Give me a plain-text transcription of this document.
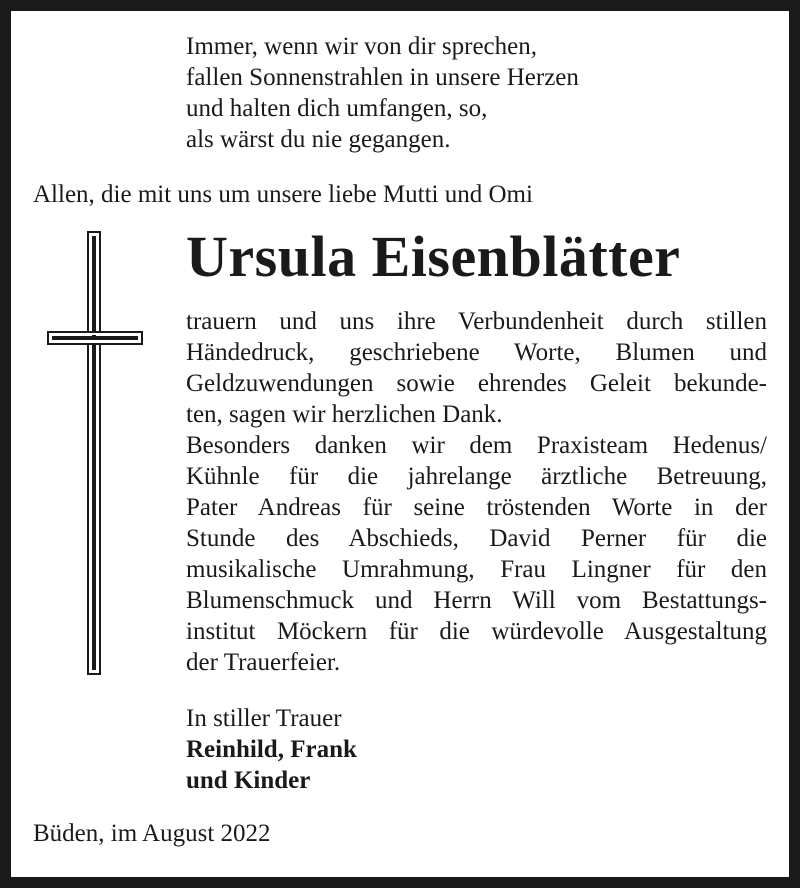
Immer, wenn wir von dir sprechen,
fallen Sonnenstrahlen in unsere Herzen
und halten dich umfangen, so,
als wärst du nie gegangen.
Allen, die mit uns um unsere liebe Mutti und Omi
Ursula Eisenblätter
trauern und uns ihre Verbundenheit durch stillen
Händedruck, geschriebene Worte, Blumen und
Geldzuwendungen sowie ehrendes Geleit bekunde-
ten, sagen wir herzlichen Dank.
Besonders danken wir dem Praxisteam Hedenus/
Kühnle für die jahrelange ärztliche Betreuung,
Pater Andreas für seine tröstenden Worte in der
Stunde des Abschieds, David Perner für die
musikalische Umrahmung, Frau Lingner für den
Blumenschmuck und Herrn Will vom Bestattungs-
institut Möckern für die würdevolle Ausgestaltung
der Trauerfeier.
In stiller Trauer
Reinhild, Frank
und Kinder
Büden, im August 2022
